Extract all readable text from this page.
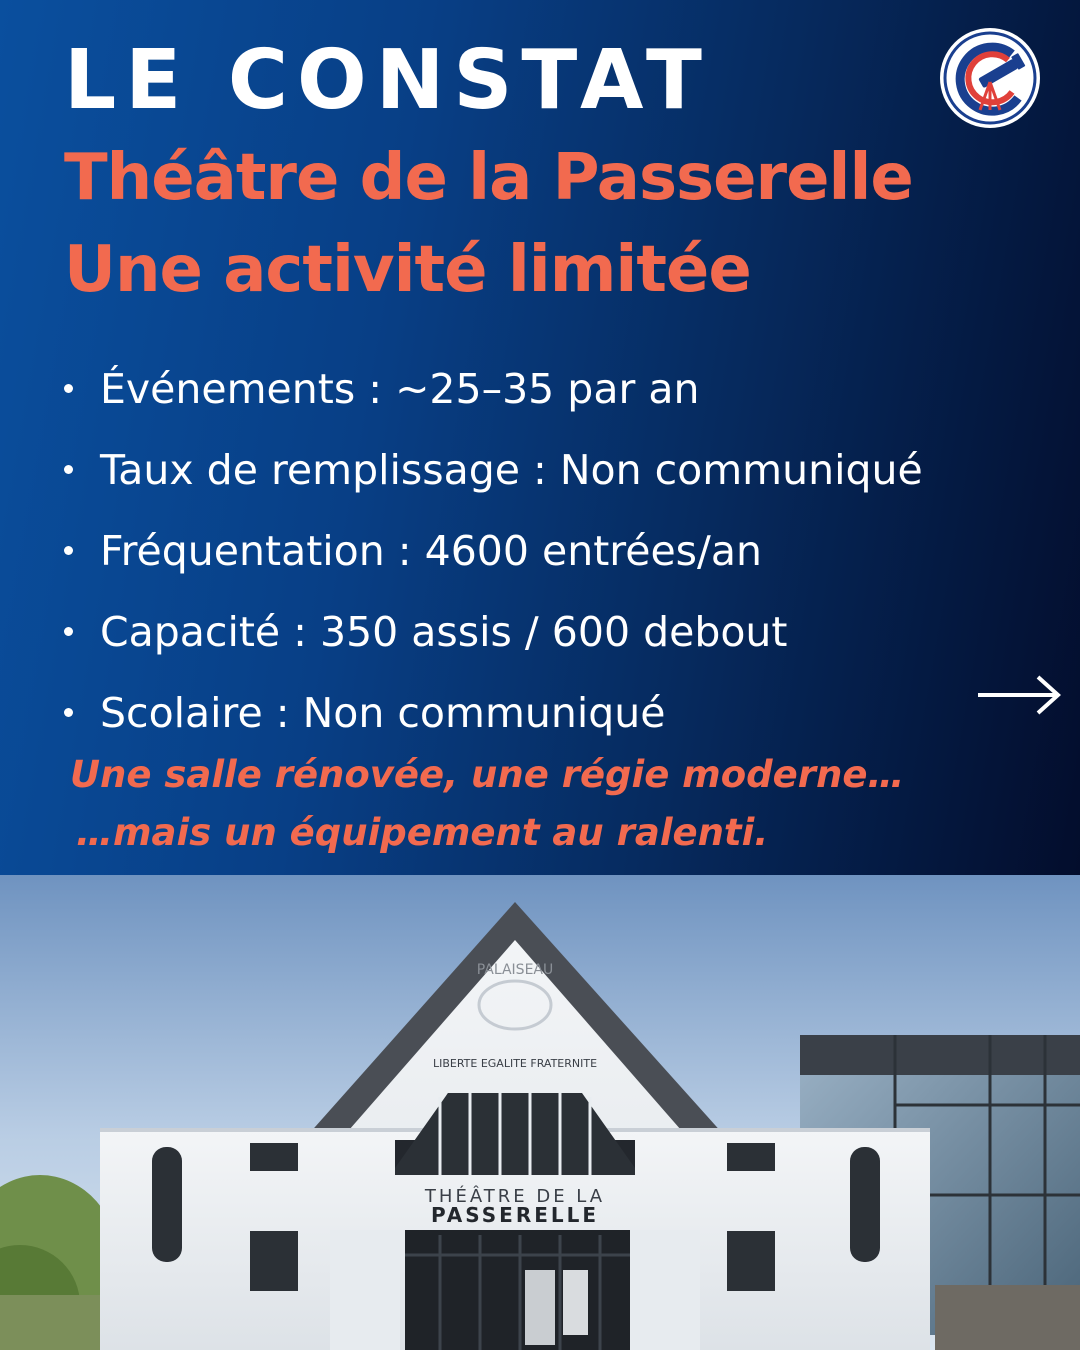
LE CONSTAT
Théâtre de la Passerelle
Une activité limitée
Événements : ~25–35 par an
Taux de remplissage : Non communiqué
Fréquentation : 4600 entrées/an
Capacité : 350 assis / 600 debout
Scolaire : Non communiqué

Une salle rénovée, une régie moderne…

…mais un équipement au ralenti.

PALAISEAU
LIBERTE EGALITE FRATERNITE
THÉÂTRE DE LA
PASSERELLE
